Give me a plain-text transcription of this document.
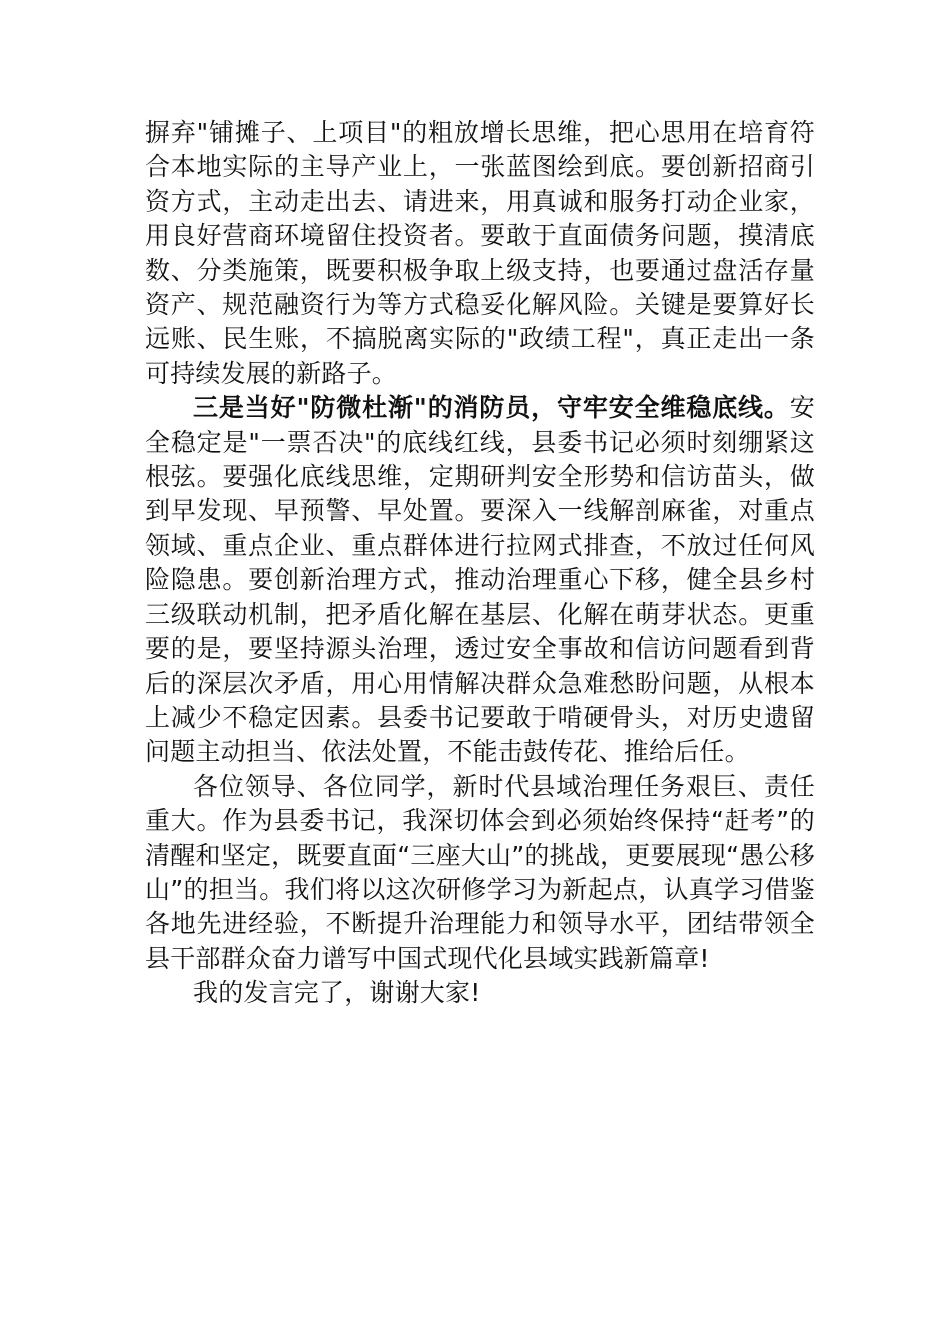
摒弃"铺摊子、上项目"的粗放增长思维，把心思用在培育符合本地实际的主导产业上，一张蓝图绘到底。要创新招商引资方式，主动走出去、请进来，用真诚和服务打动企业家，用良好营商环境留住投资者。要敢于直面债务问题，摸清底数、分类施策，既要积极争取上级支持，也要通过盘活存量资产、规范融资行为等方式稳妥化解风险。关键是要算好长远账、民生账，不搞脱离实际的"政绩工程"，真正走出一条可持续发展的新路子。

三是当好"防微杜渐"的消防员，守牢安全维稳底线。安全稳定是"一票否决"的底线红线，县委书记必须时刻绷紧这根弦。要强化底线思维，定期研判安全形势和信访苗头，做到早发现、早预警、早处置。要深入一线解剖麻雀，对重点领域、重点企业、重点群体进行拉网式排查，不放过任何风险隐患。要创新治理方式，推动治理重心下移，健全县乡村三级联动机制，把矛盾化解在基层、化解在萌芽状态。更重要的是，要坚持源头治理，透过安全事故和信访问题看到背后的深层次矛盾，用心用情解决群众急难愁盼问题，从根本上减少不稳定因素。县委书记要敢于啃硬骨头，对历史遗留问题主动担当、依法处置，不能击鼓传花、推给后任。

各位领导、各位同学，新时代县域治理任务艰巨、责任重大。作为县委书记，我深切体会到必须始终保持“赶考”的清醒和坚定，既要直面“三座大山”的挑战，更要展现“愚公移山”的担当。我们将以这次研修学习为新起点，认真学习借鉴各地先进经验，不断提升治理能力和领导水平，团结带领全县干部群众奋力谱写中国式现代化县域实践新篇章!

我的发言完了，谢谢大家!
